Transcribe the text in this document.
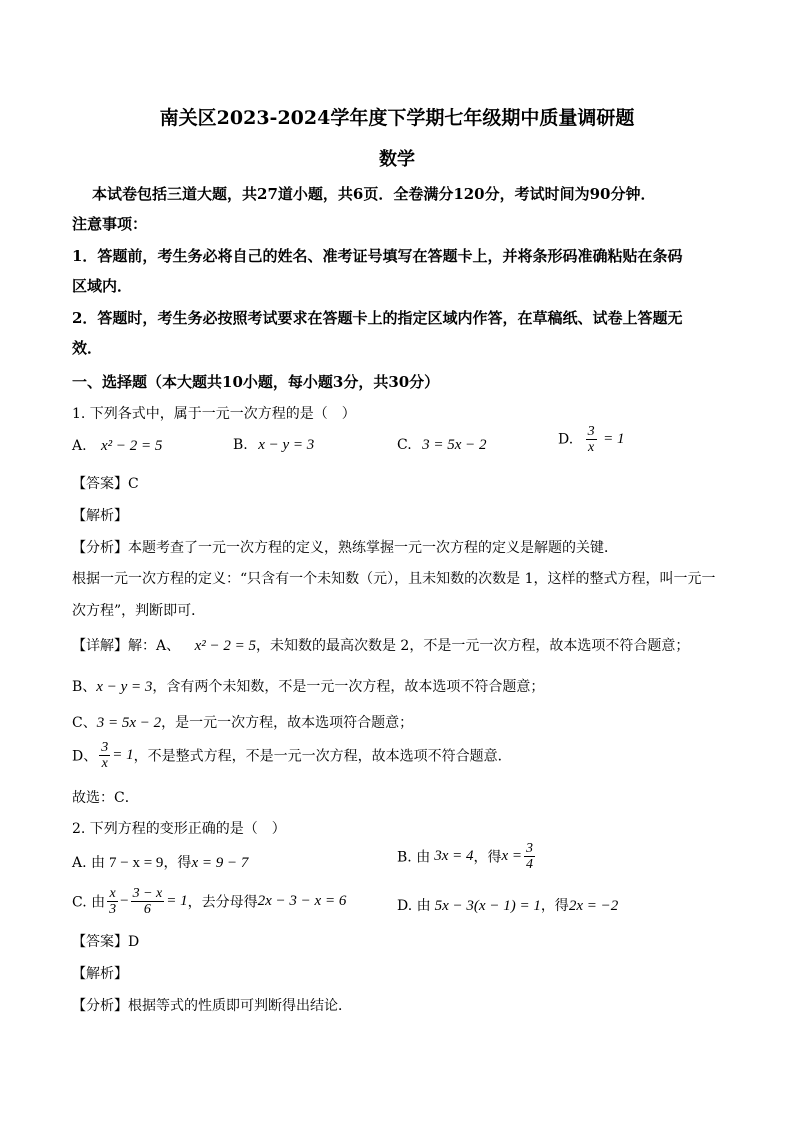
南关区2023-2024学年度下学期七年级期中质量调研题
数学
本试卷包括三道大题，共27道小题，共6页．全卷满分120分，考试时间为90分钟．
注意事项：
1．答题前，考生务必将自己的姓名、准考证号填写在答题卡上，并将条形码准确粘贴在条码
区域内．
2．答题时，考生务必按照考试要求在答题卡上的指定区域内作答，在草稿纸、试卷上答题无
效．
一、选择题（本大题共10小题，每小题3分，共30分）
1. 下列各式中，属于一元一次方程的是（　）
A. x² − 2 = 5	B. x − y = 3	C. 3 = 5x − 2	D. $\frac{3}{x} = 1$
【答案】C
【解析】
【分析】本题考查了一元一次方程的定义，熟练掌握一元一次方程的定义是解题的关键．
根据一元一次方程的定义：“只含有一个未知数（元），且未知数的次数是 1，这样的整式方程，叫一元一
次方程”，判断即可．
【详解】解：A、 x² − 2 = 5，未知数的最高次数是 2，不是一元一次方程，故本选项不符合题意；
B、x − y = 3，含有两个未知数，不是一元一次方程，故本选项不符合题意；
C、3 = 5x − 2，是一元一次方程，故本选项符合题意；
D、 $\frac{3}{x} = 1$，不是整式方程，不是一元一次方程，故本选项不符合题意．
故选：C．
2. 下列方程的变形正确的是（　）
A. 由 7 − x = 9，得x = 9 − 7	B. 由 3x = 4，得$x = \frac{3}{4}$
C. 由 $\frac{x}{3} - \frac{3 - x}{6} = 1$，去分母得2x − 3 − x = 6	D. 由 5x − 3(x − 1) = 1，得2x = −2
【答案】D
【解析】
【分析】根据等式的性质即可判断得出结论．
